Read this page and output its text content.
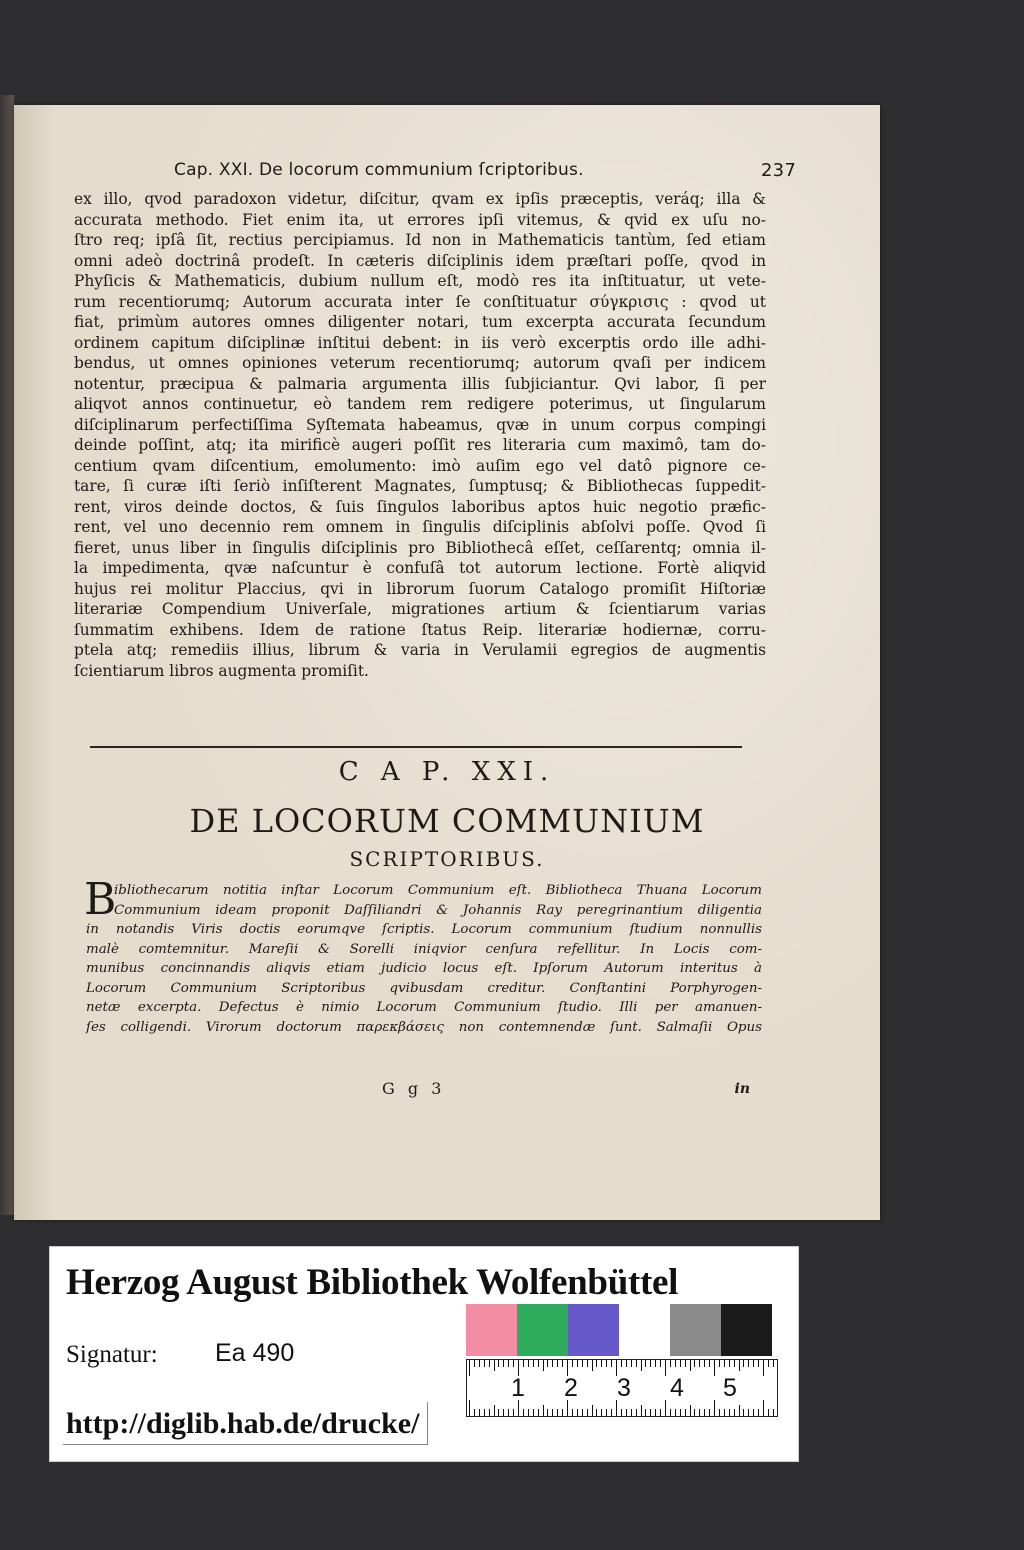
Cap. XXI. De locorum communium ſcriptoribus.	237
ex illo, qvod paradoxon videtur, diſcitur, qvam ex ipſis præceptis, veráq; illa &
accurata methodo. Fiet enim ita, ut errores ipſi vitemus, & qvid ex uſu no-
ſtro req; ipſâ ſit, rectius percipiamus. Id non in Mathematicis tantùm, ſed etiam
omni adeò doctrinâ prodeſt. In cæteris diſciplinis idem præſtari poſſe, qvod in
Phyſicis & Mathematicis, dubium nullum eſt, modò res ita inſtituatur, ut vete-
rum recentiorumq; Autorum accurata inter ſe conſtituatur σύγκρισις : qvod ut
fiat, primùm autores omnes diligenter notari, tum excerpta accurata ſecundum
ordinem capitum diſciplinæ inſtitui debent: in iis verò excerptis ordo ille adhi-
bendus, ut omnes opiniones veterum recentiorumq; autorum qvaſi per indicem
notentur, præcipua & palmaria argumenta illis ſubjiciantur. Qvi labor, ſi per
aliqvot annos continuetur, eò tandem rem redigere poterimus, ut ſingularum
diſciplinarum perfectiſſima Syſtemata habeamus, qvæ in unum corpus compingi
deinde poſſint, atq; ita mirificè augeri poſſit res literaria cum maximô, tam do-
centium qvam diſcentium, emolumento: imò auſim ego vel datô pignore ce-
tare, ſi curæ iſti ſeriò inſiſterent Magnates, ſumptusq; & Bibliothecas ſuppedit-
rent, viros deinde doctos, & ſuis ſingulos laboribus aptos huic negotio præfic-
rent, vel uno decennio rem omnem in ſingulis diſciplinis abſolvi poſſe. Qvod ſi
fieret, unus liber in ſingulis diſciplinis pro Bibliothecâ eſſet, ceſſarentq; omnia il-
la impedimenta, qvæ naſcuntur è confuſâ tot autorum lectione. Fortè aliqvid
hujus rei molitur Placcius, qvi in librorum ſuorum Catalogo promiſit Hiſtoriæ
literariæ Compendium Univerſale, migrationes artium & ſcientiarum varias
ſummatim exhibens. Idem de ratione ſtatus Reip. literariæ hodiernæ, corru-
ptela atq; remediis illius, librum & varia in Verulamii egregios de augmentis
ſcientiarum libros augmenta promiſit.
C A P. XXI.
DE LOCORUM COMMUNIUM
SCRIPTORIBUS.
B
ibliothecarum notitia inſtar Locorum Communium eſt. Bibliotheca Thuana Locorum
Communium ideam proponit Daſſiliandri & Johannis Ray peregrinantium diligentia
in notandis Viris doctis eorumqve ſcriptis. Locorum communium ſtudium nonnullis
malè comtemnitur. Mareſii & Sorelli iniqvior cenſura refellitur. In Locis com-
munibus concinnandis aliqvis etiam judicio locus eſt. Ipſorum Autorum interitus à
Locorum Communium Scriptoribus qvibusdam creditur. Conſtantini Porphyrogen-
netæ excerpta. Defectus è nimio Locorum Communium ſtudio. Illi per amanuen-
ſes colligendi. Virorum doctorum παρεκβάσεις non contemnendæ ſunt. Salmaſii Opus
G g 3	in
Herzog August Bibliothek Wolfenbüttel
Signatur: Ea 490
http://diglib.hab.de/drucke/
1 2 3 4 5
